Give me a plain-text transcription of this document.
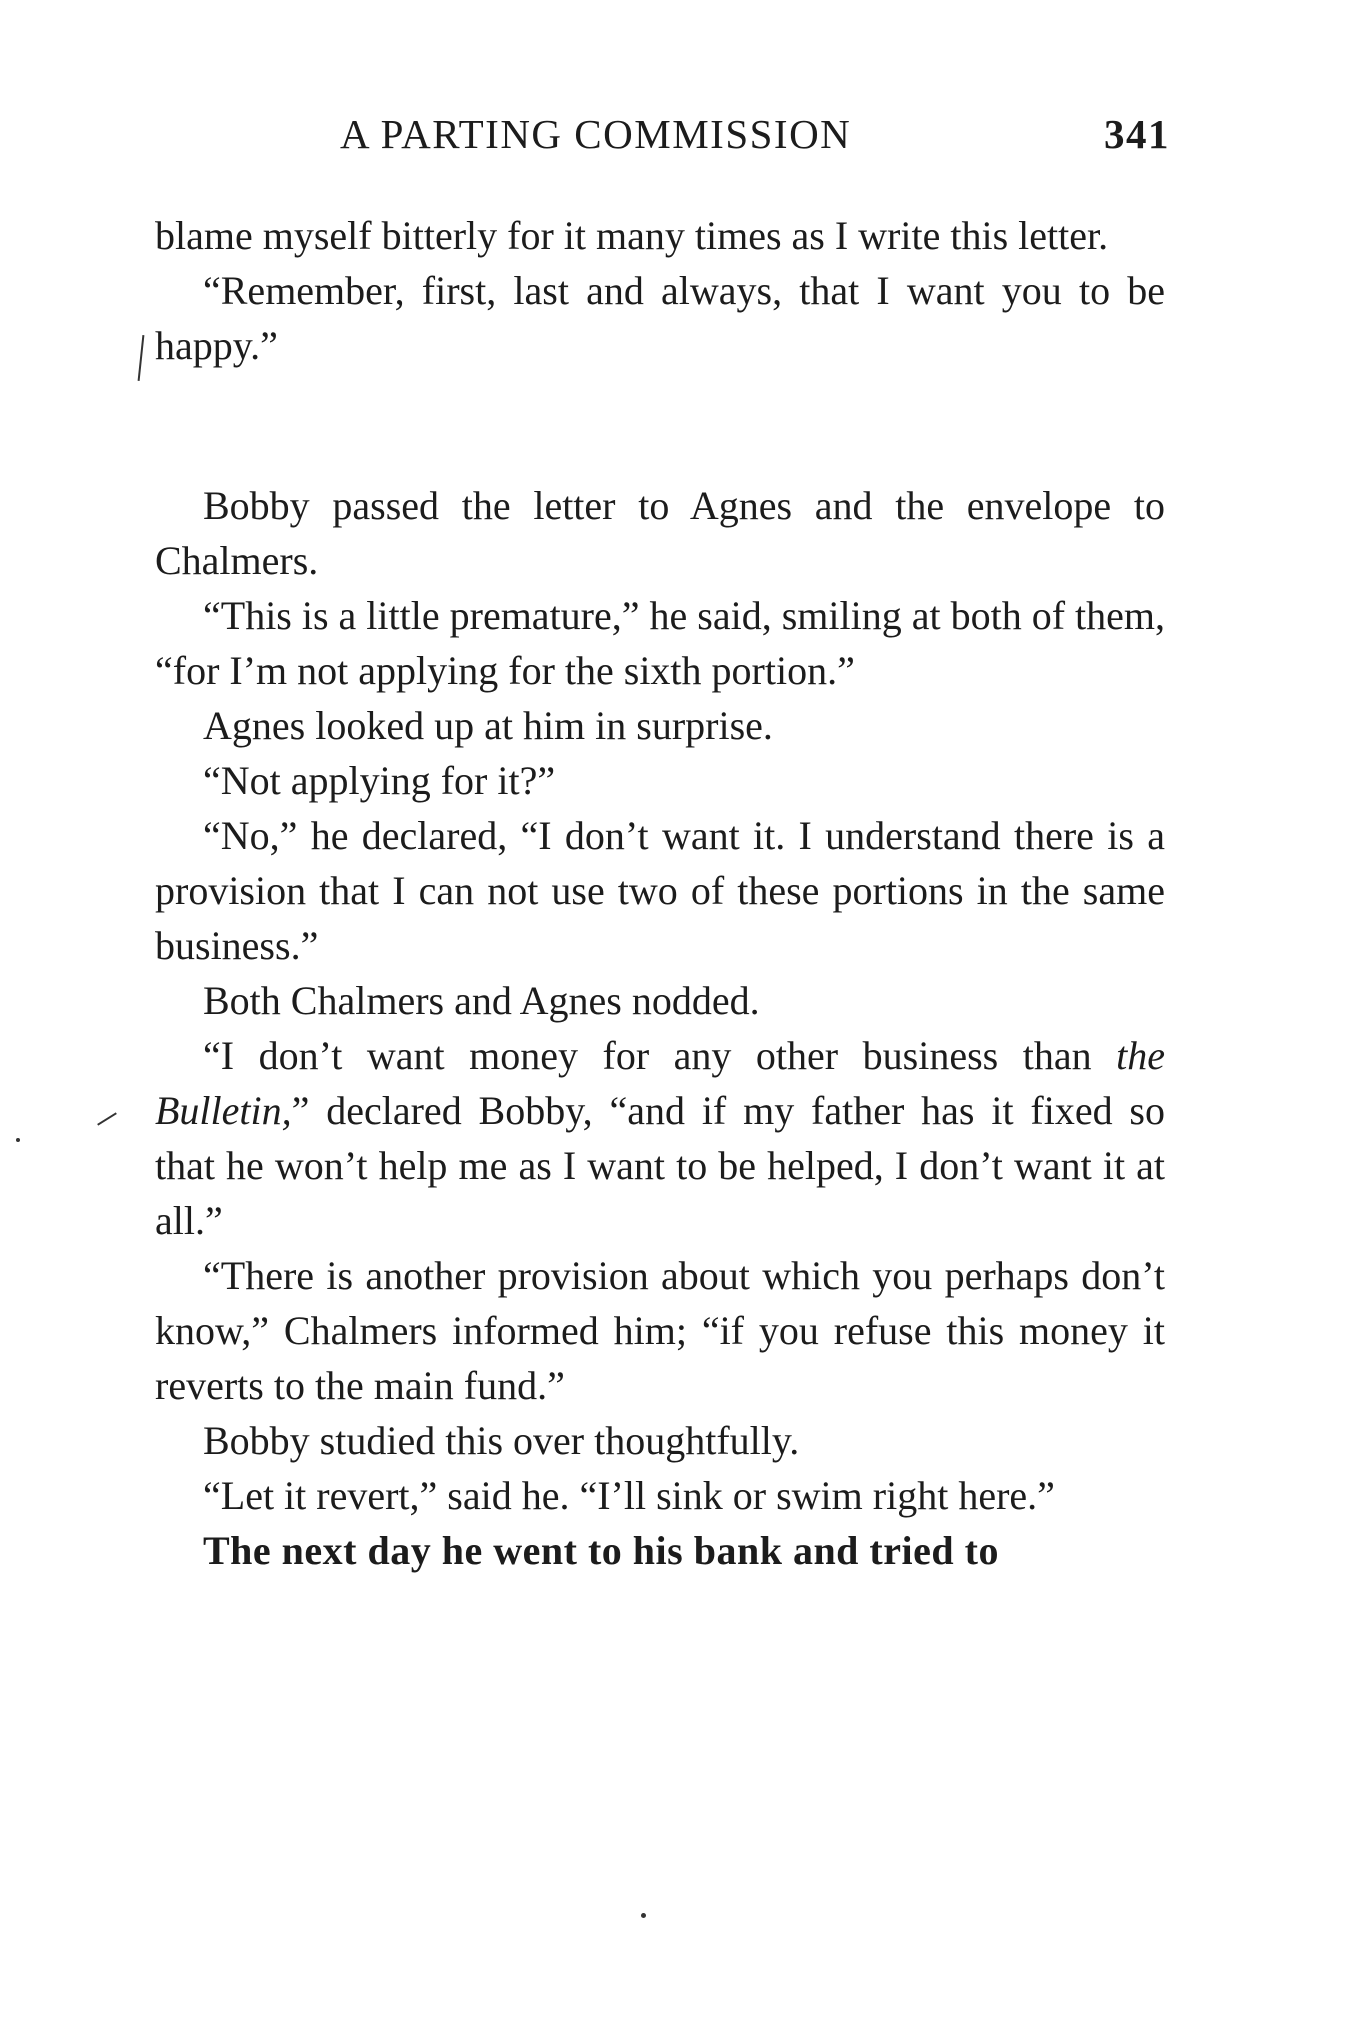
A PARTING COMMISSION	341

blame myself bitterly for it many times as I write this letter.

“Remember, first, last and always, that I want you to be happy.”

Bobby passed the letter to Agnes and the envelope to Chalmers.

“This is a little premature,” he said, smiling at both of them, “for I’m not applying for the sixth portion.”

Agnes looked up at him in surprise.

“Not applying for it?”

“No,” he declared, “I don’t want it. I understand there is a provision that I can not use two of these portions in the same business.”

Both Chalmers and Agnes nodded.

“I don’t want money for any other business than the Bulletin,” declared Bobby, “and if my father has it fixed so that he won’t help me as I want to be helped, I don’t want it at all.”

“There is another provision about which you perhaps don’t know,” Chalmers informed him; “if you refuse this money it reverts to the main fund.”

Bobby studied this over thoughtfully.

“Let it revert,” said he. “I’ll sink or swim right here.”

The next day he went to his bank and tried to
